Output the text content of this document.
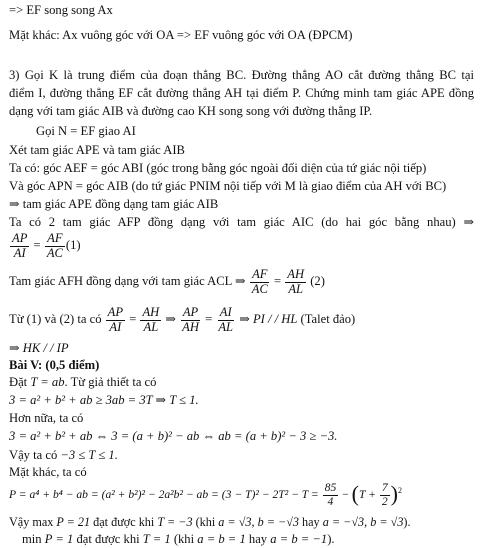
=> EF song song Ax
Mặt khác: Ax vuông góc với OA => EF vuông góc với OA (ĐPCM)
3) Gọi K là trung điểm của đoạn thẳng BC. Đường thẳng AO cắt đường thẳng BC tại
điểm I, đường thẳng EF cắt đường thẳng AH tại điểm P. Chứng minh tam giác APE đồng
dạng với tam giác AIB và đường cao KH song song với đường thẳng IP.
Gọi N = EF giao AI
Xét tam giác APE và tam giác AIB
Ta có: góc AEF = góc ABI (góc trong bằng góc ngoài đối diện của tứ giác nội tiếp)
Và góc APN = góc AIB (do tứ giác PNIM nội tiếp với M là giao điểm của AH với BC)
⇒ tam giác APE đồng dạng tam giác AIB
Ta có 2 tam giác AFP đồng dạng với tam giác AIC (do hai góc bằng nhau) ⇒
$\frac{AP}{AI} = \frac{AF}{AC} (1)$
Tam giác AFH đồng dạng với tam giác ACL ⇒ $\frac{AF}{AC} = \frac{AH}{AL} (2)$
Từ (1) và (2) ta có $\frac{AP}{AI} = \frac{AH}{AL}$ ⇒ $\frac{AP}{AH} = \frac{AI}{AL}$ ⇒ PI / / HL (Talet đảo)
⇒ HK / / IP
Bài V: (0,5 điểm)
Đặt T = ab. Từ giả thiết ta có
3 = a² + b² + ab ≥ 3ab = 3T ⇒ T ≤ 1.
Hơn nữa, ta có
3 = a² + b² + ab ⇔ 3 = (a + b)² − ab ⇔ ab = (a + b)² − 3 ≥ −3.
Vậy ta có −3 ≤ T ≤ 1.
Mặt khác, ta có
P = a⁴ + b⁴ − ab = (a² + b²)² − 2a²b² − ab = $(3 - T)^2 - 2T^2 - T = \frac{85}{4} - (T + \frac{7}{2} )^2$
Vậy max P = 21 đạt được khi T = −3 (khi a = √3, b = −√3 hay a = −√3, b = √3).
min P = 1 đạt được khi T = 1 (khi a = b = 1 hay a = b = −1).
